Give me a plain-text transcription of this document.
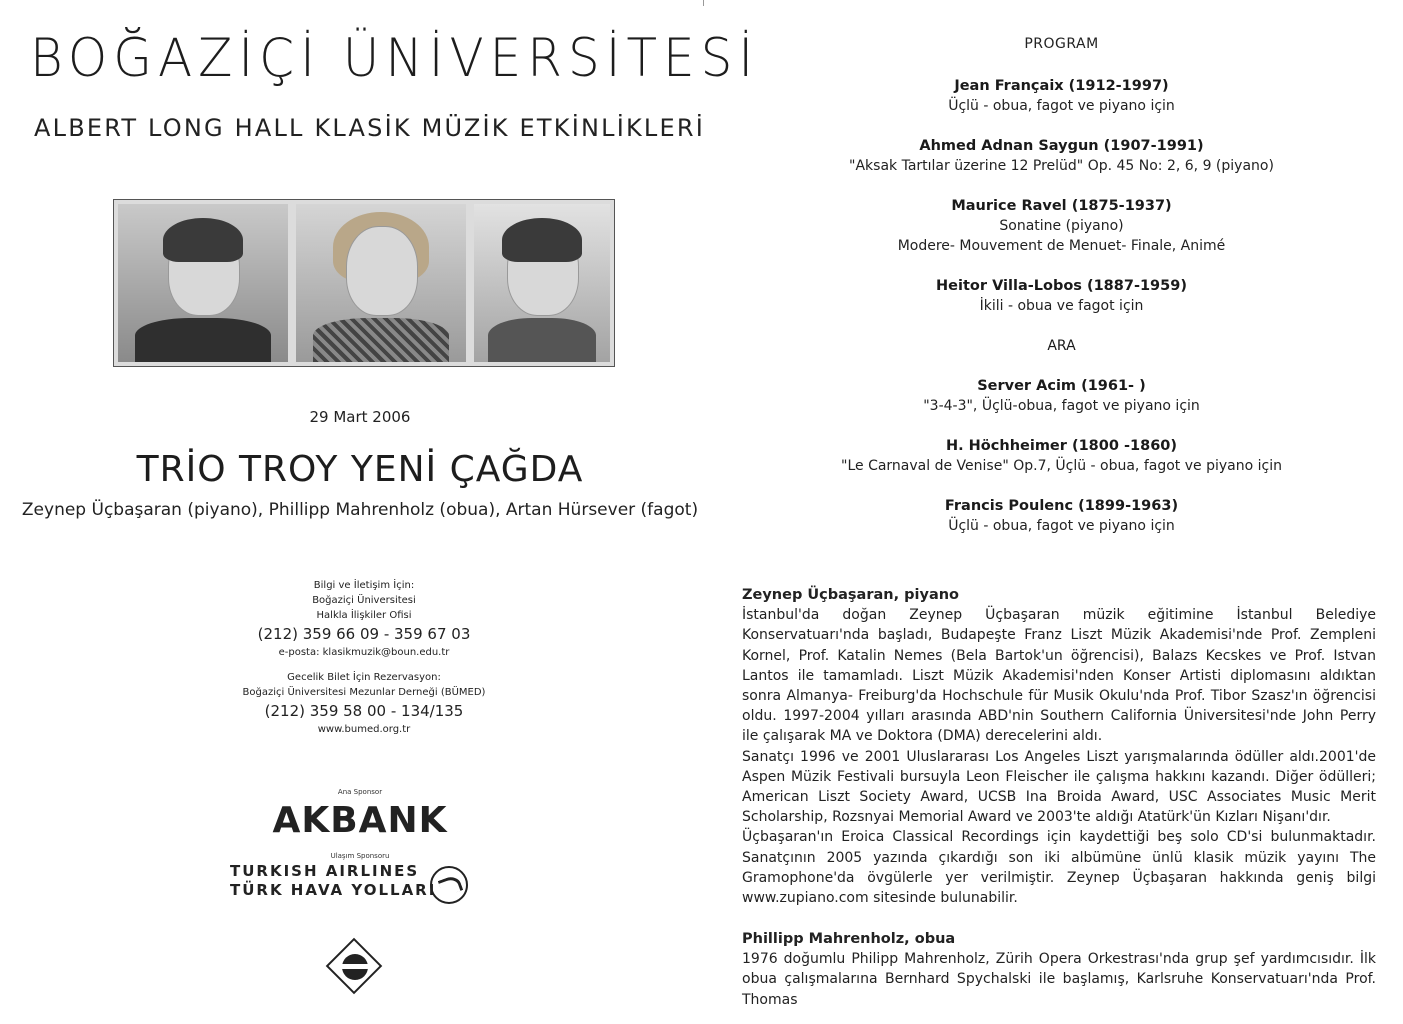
BOĞAZİÇİ ÜNİVERSİTESİ
ALBERT LONG HALL KLASİK MÜZİK ETKİNLİKLERİ
29 Mart 2006
TRİO TROY YENİ ÇAĞDA
Zeynep Üçbaşaran (piyano), Phillipp Mahrenholz (obua), Artan Hürsever (fagot)
Bilgi ve İletişim İçin:
Boğaziçi Üniversitesi
Halkla İlişkiler Ofisi
(212) 359 66 09 - 359 67 03
e-posta: klasikmuzik@boun.edu.tr
Gecelik Bilet İçin Rezervasyon:
Boğaziçi Üniversitesi Mezunlar Derneği (BÜMED)
(212) 359 58 00 - 134/135
www.bumed.org.tr
Ana Sponsor
AKBANK
Ulaşım Sponsoru
TURKISH AIRLINES
TÜRK HAVA YOLLARI
PROGRAM
Jean Françaix (1912-1997)
Üçlü - obua, fagot ve piyano için
Ahmed Adnan Saygun (1907-1991)
"Aksak Tartılar üzerine 12 Prelüd" Op. 45 No: 2, 6, 9 (piyano)
Maurice Ravel (1875-1937)
Sonatine (piyano)
Modere- Mouvement de Menuet- Finale, Animé
Heitor Villa-Lobos (1887-1959)
İkili - obua ve fagot için
ARA
Server Acim (1961- )
"3-4-3", Üçlü-obua, fagot ve piyano için
H. Höchheimer (1800 -1860)
"Le Carnaval de Venise" Op.7, Üçlü - obua, fagot ve piyano için
Francis Poulenc (1899-1963)
Üçlü - obua, fagot ve piyano için
Zeynep Üçbaşaran, piyano

İstanbul'da doğan Zeynep Üçbaşaran müzik eğitimine İstanbul Belediye Konservatuarı'nda başladı, Budapeşte Franz Liszt Müzik Akademisi'nde Prof. Zempleni Kornel, Prof. Katalin Nemes (Bela Bartok'un öğrencisi), Balazs Kecskes ve Prof. Istvan Lantos ile tamamladı. Liszt Müzik Akademisi'nden Konser Artisti diplomasını aldıktan sonra Almanya- Freiburg'da Hochschule für Musik Okulu'nda Prof. Tibor Szasz'ın öğrencisi oldu. 1997-2004 yılları arasında ABD'nin Southern California Üniversitesi'nde John Perry ile çalışarak MA ve Doktora (DMA) derecelerini aldı.

Sanatçı 1996 ve 2001 Uluslararası Los Angeles Liszt yarışmalarında ödüller aldı.2001'de Aspen Müzik Festivali bursuyla Leon Fleischer ile çalışma hakkını kazandı. Diğer ödülleri; American Liszt Society Award, UCSB Ina Broida Award, USC Associates Music Merit Scholarship, Rozsnyai Memorial Award ve 2003'te aldığı Atatürk'ün Kızları Nişanı'dır.

Üçbaşaran'ın Eroica Classical Recordings için kaydettiği beş solo CD'si bulunmaktadır. Sanatçının 2005 yazında çıkardığı son iki albümüne ünlü klasik müzik yayını The Gramophone'da övgülerle yer verilmiştir. Zeynep Üçbaşaran hakkında geniş bilgi www.zupiano.com sitesinde bulunabilir.

Phillipp Mahrenholz, obua

1976 doğumlu Philipp Mahrenholz, Zürih Opera Orkestrası'nda grup şef yardımcısıdır. İlk obua çalışmalarına Bernhard Spychalski ile başlamış, Karlsruhe Konservatuarı'nda Prof. Thomas
